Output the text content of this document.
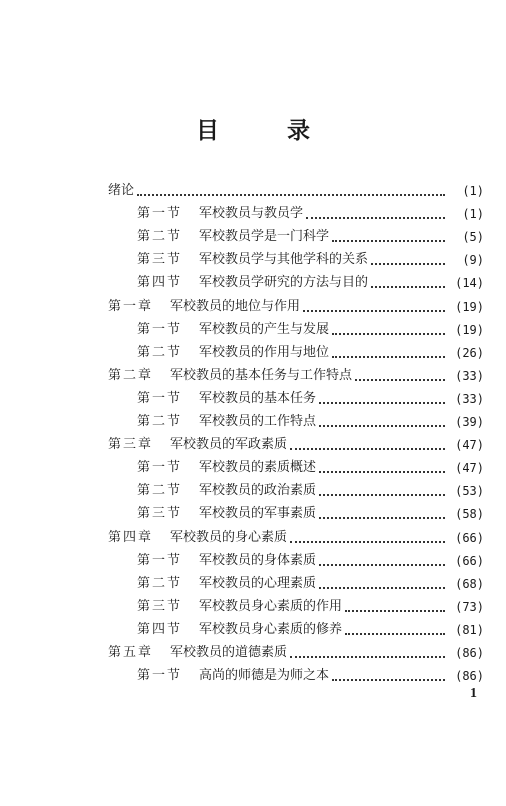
目 录
绪论	(1)
第一节 军校教员与教员学	(1)
第二节 军校教员学是一门科学	(5)
第三节 军校教员学与其他学科的关系	(9)
第四节 军校教员学研究的方法与目的	(14)
第一章 军校教员的地位与作用	(19)
第一节 军校教员的产生与发展	(19)
第二节 军校教员的作用与地位	(26)
第二章 军校教员的基本任务与工作特点	(33)
第一节 军校教员的基本任务	(33)
第二节 军校教员的工作特点	(39)
第三章 军校教员的军政素质	(47)
第一节 军校教员的素质概述	(47)
第二节 军校教员的政治素质	(53)
第三节 军校教员的军事素质	(58)
第四章 军校教员的身心素质	(66)
第一节 军校教员的身体素质	(66)
第二节 军校教员的心理素质	(68)
第三节 军校教员身心素质的作用	(73)
第四节 军校教员身心素质的修养	(81)
第五章 军校教员的道德素质	(86)
第一节 高尚的师德是为师之本	(86)
1
